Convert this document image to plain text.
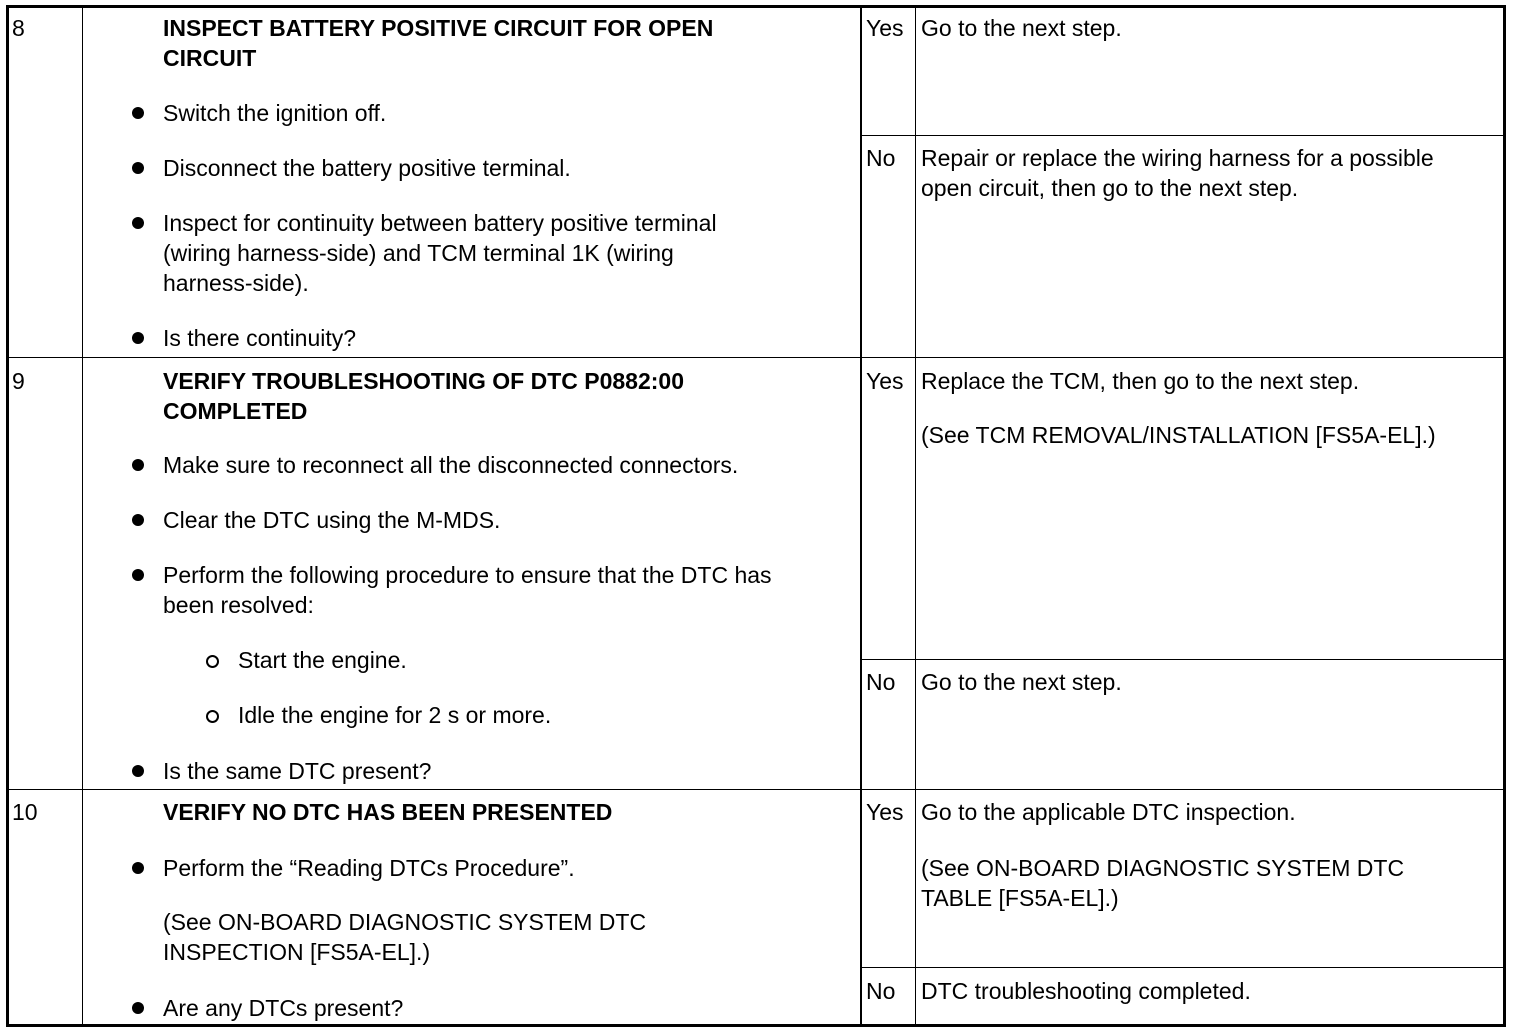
8	INSPECT BATTERY POSITIVE CIRCUIT FOR OPEN
CIRCUIT
Switch the ignition off.
Disconnect the battery positive terminal.
Inspect for continuity between battery positive terminal
(wiring harness-side) and TCM terminal 1K (wiring
harness-side).
Is there continuity?
Yes Go to the next step.
No Repair or replace the wiring harness for a possible
open circuit, then go to the next step.
9	VERIFY TROUBLESHOOTING OF DTC P0882:00
COMPLETED
Make sure to reconnect all the disconnected connectors.
Clear the DTC using the M-MDS.
Perform the following procedure to ensure that the DTC has
been resolved:
Start the engine.
Idle the engine for 2 s or more.
Is the same DTC present?
Yes Replace the TCM, then go to the next step.
(See TCM REMOVAL/INSTALLATION [FS5A-EL].)
No Go to the next step.
10	VERIFY NO DTC HAS BEEN PRESENTED
Perform the “Reading DTCs Procedure”.
(See ON-BOARD DIAGNOSTIC SYSTEM DTC
INSPECTION [FS5A-EL].)
Are any DTCs present?
Yes Go to the applicable DTC inspection.
(See ON-BOARD DIAGNOSTIC SYSTEM DTC
TABLE [FS5A-EL].)
No DTC troubleshooting completed.
